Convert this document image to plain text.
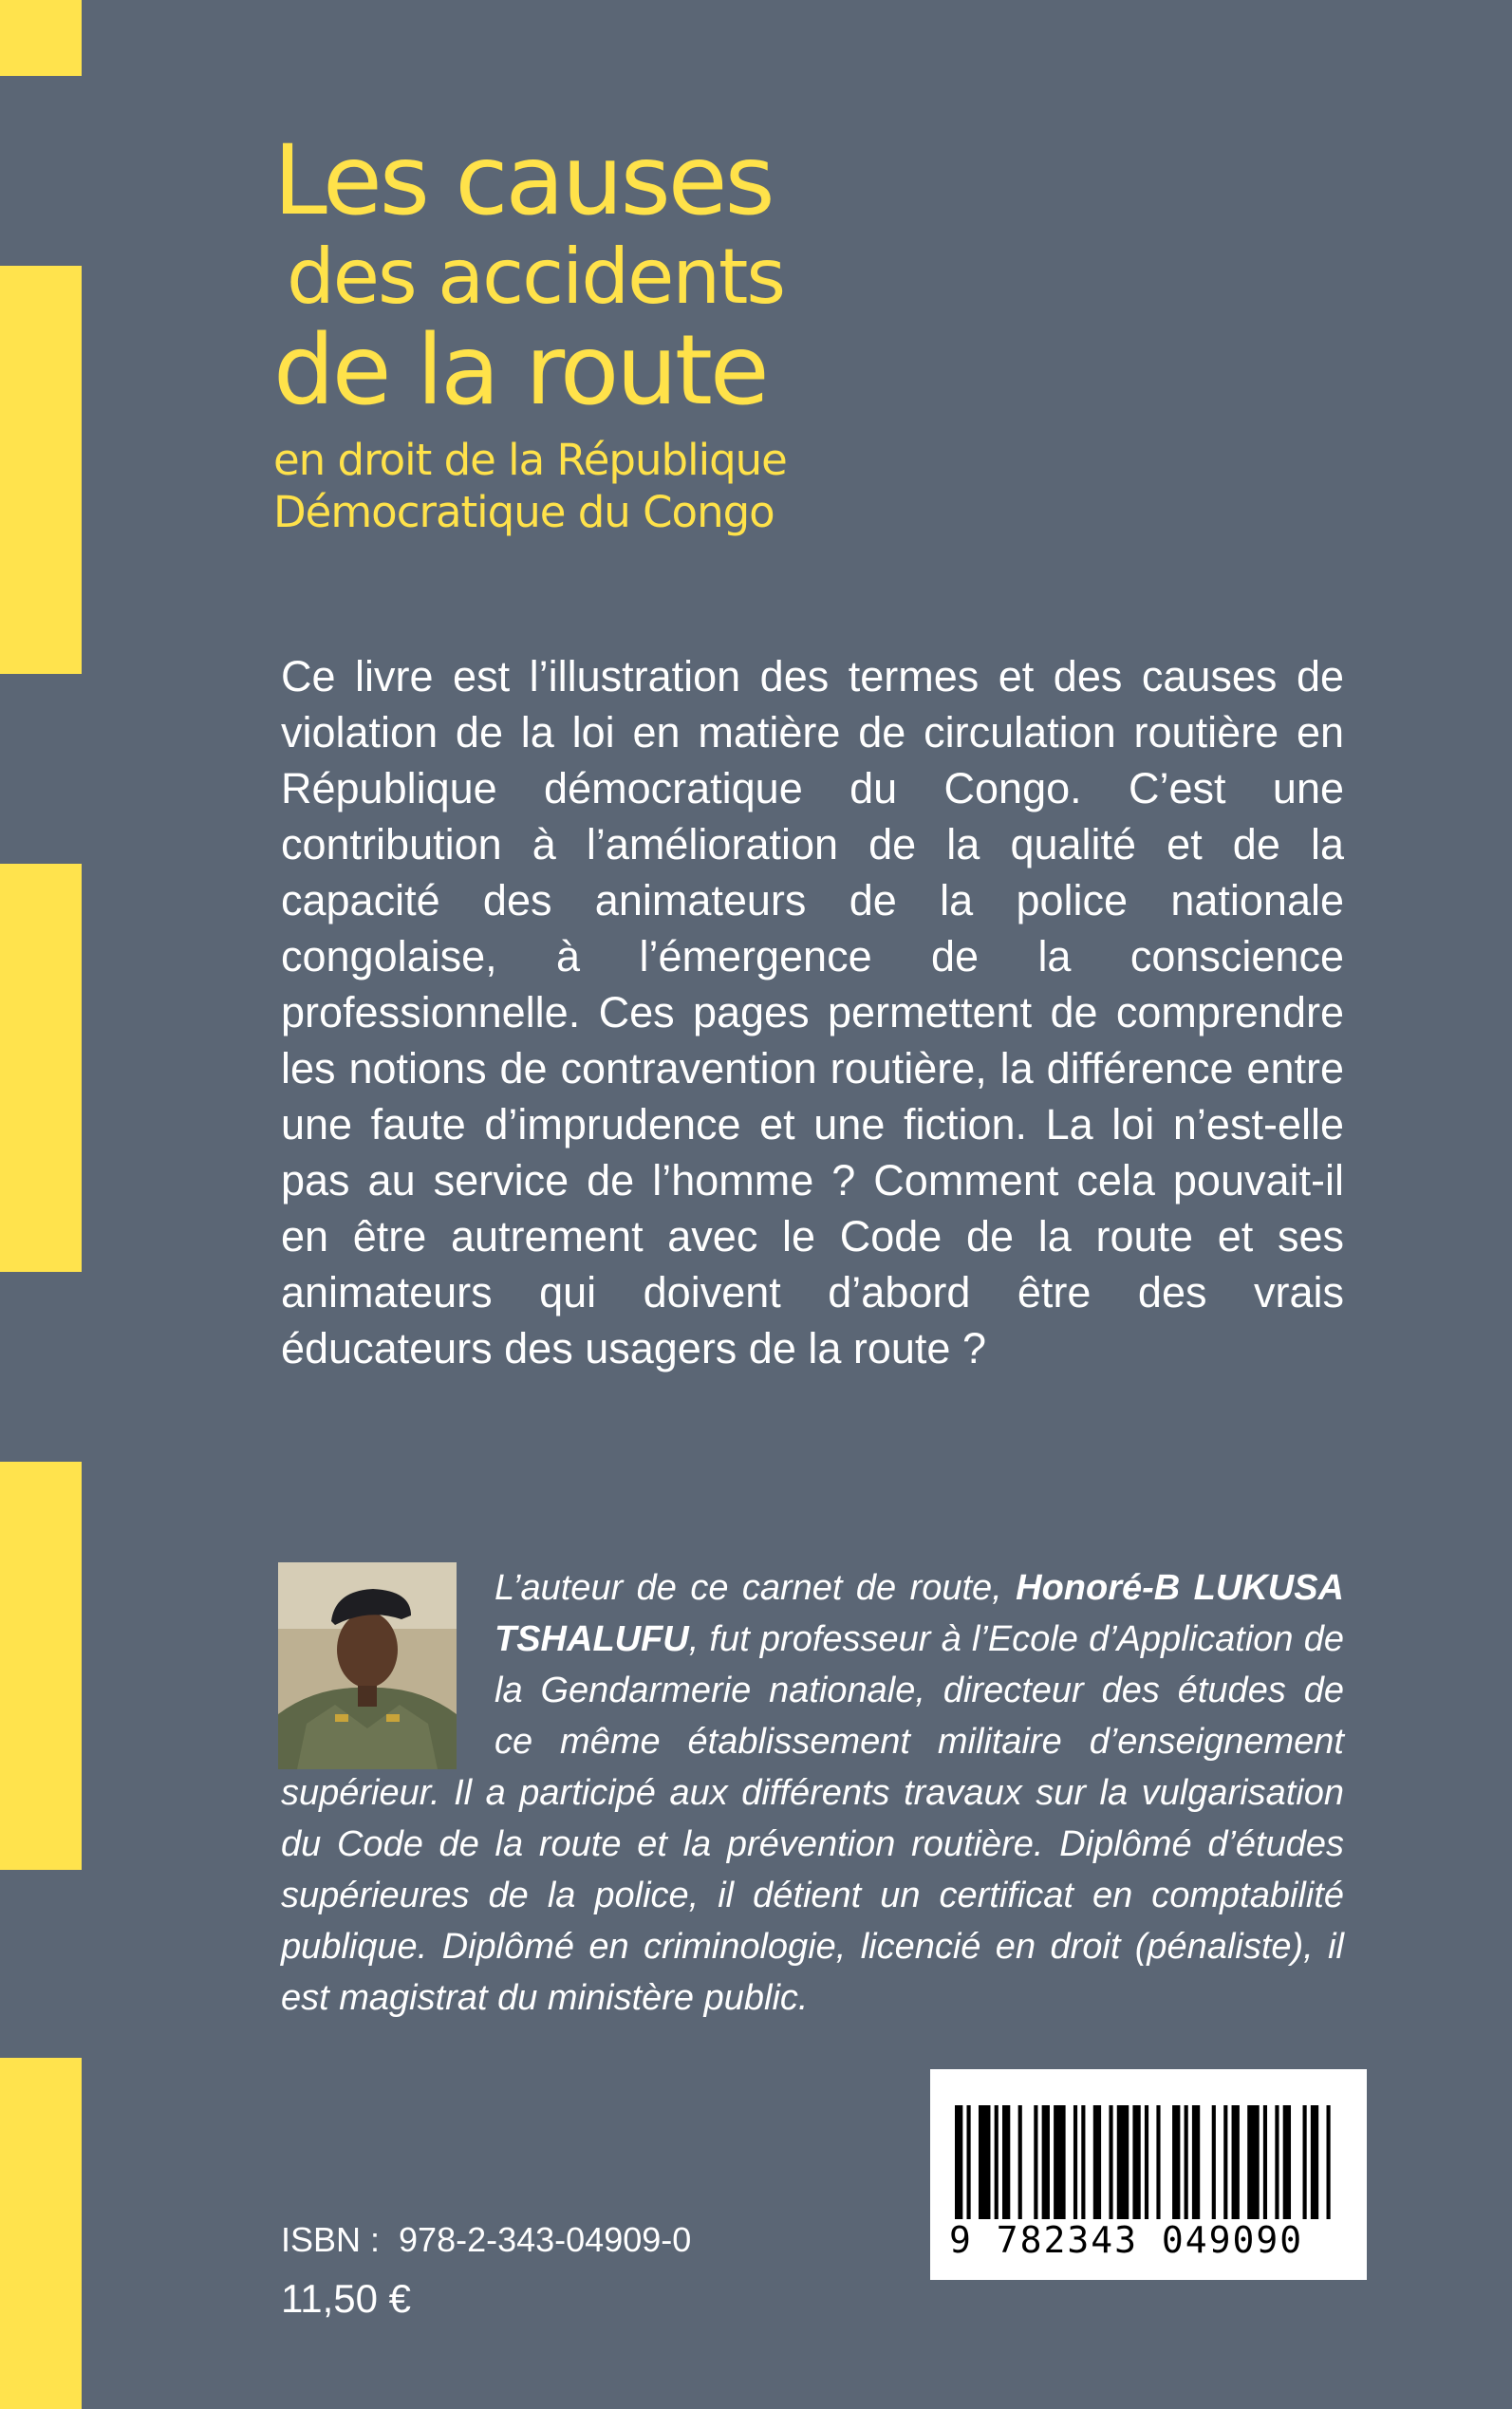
Les causes
des accidents
de la route
en droit de la République
Démocratique du Congo

Ce livre est l’illustration des termes et des causes de violation de la loi en matière de circulation routière en République démocratique du Congo. C’est une contribution à l’amélioration de la qualité et de la capacité des animateurs de la police nationale congolaise, à l’émergence de la conscience professionnelle. Ces pages permettent de comprendre les notions de contravention routière, la différence entre une faute d’imprudence et une fiction. La loi n’est-elle pas au service de l’homme ? Comment cela pouvait-il en être autrement avec le Code de la route et ses animateurs qui doivent d’abord être des vrais éducateurs des usagers de la route ?

L’auteur de ce carnet de route, Honoré-B LUKUSA TSHALUFU, fut professeur à l’Ecole d’Application de la Gendarmerie nationale, directeur des études de ce même établissement militaire d’enseignement supérieur. Il a participé aux différents travaux sur la vulgarisation du Code de la route et la prévention routière. Diplômé d’études supérieures de la police, il détient un certificat en comptabilité publique. Diplômé en criminologie, licencié en droit (pénaliste), il est magistrat du ministère public.

ISBN :  978-2-343-04909-0
11,50 €
9 782343 049090
